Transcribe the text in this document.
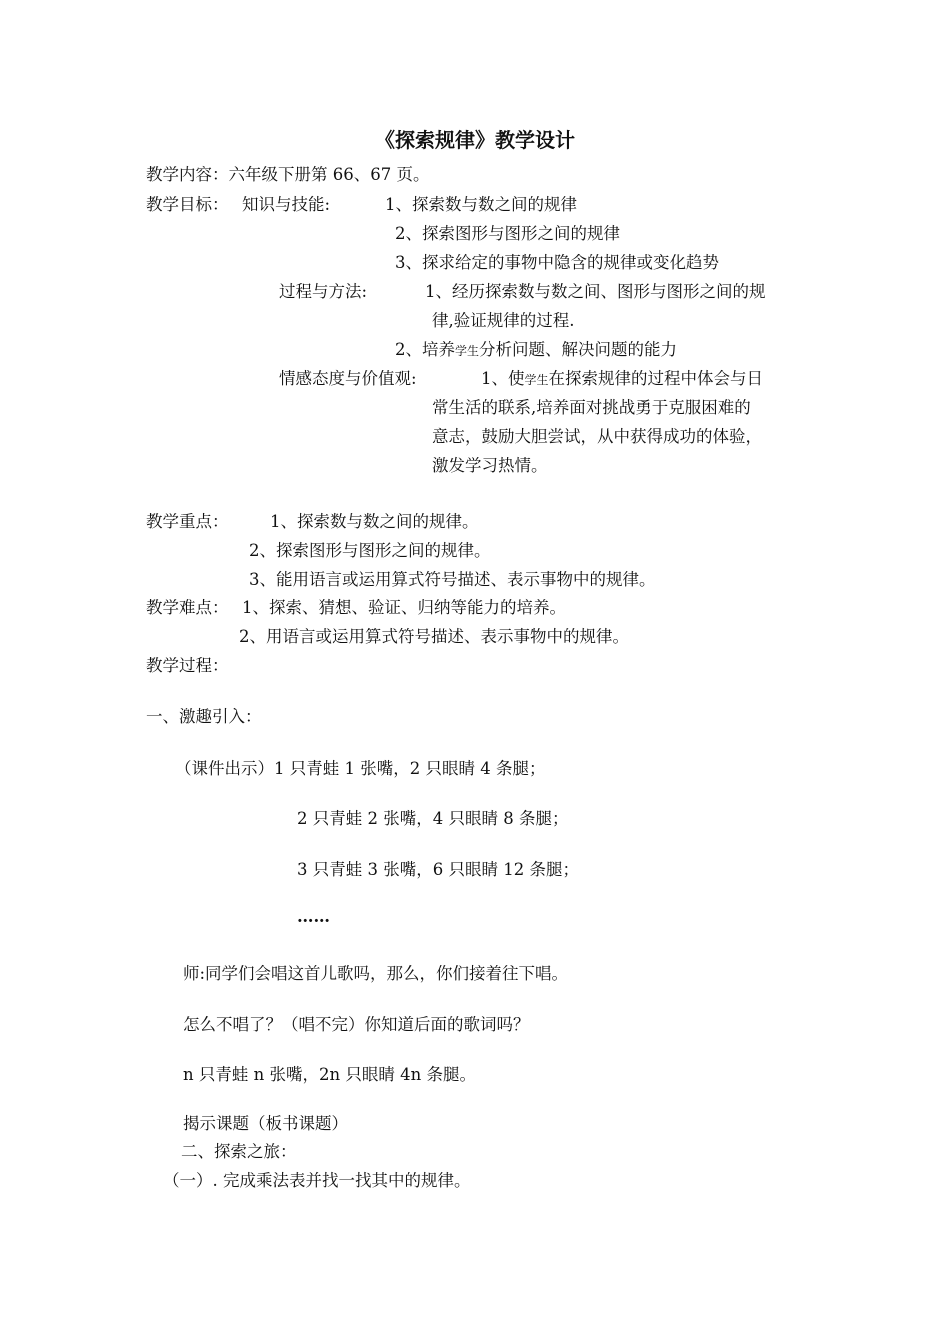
《探索规律》教学设计
教学内容：六年级下册第 66、67 页。
教学目标： 知识与技能:	1、探索数与数之间的规律
2、探索图形与图形之间的规律
3、探求给定的事物中隐含的规律或变化趋势
过程与方法:	1、经历探索数与数之间、图形与图形之间的规
律,验证规律的过程.
2、培养学生分析问题、解决问题的能力
情感态度与价值观:	1、使学生在探索规律的过程中体会与日
常生活的联系,培养面对挑战勇于克服困难的
意志，鼓励大胆尝试，从中获得成功的体验，
激发学习热情。
教学重点：	1、探索数与数之间的规律。
2、探索图形与图形之间的规律。
3、能用语言或运用算式符号描述、表示事物中的规律。
教学难点： 1、探索、猜想、验证、归纳等能力的培养。
2、用语言或运用算式符号描述、表示事物中的规律。
教学过程：
一、激趣引入：
（课件出示）1 只青蛙 1 张嘴，2 只眼睛 4 条腿；
2 只青蛙 2 张嘴，4 只眼睛 8 条腿；
3 只青蛙 3 张嘴，6 只眼睛 12 条腿；
……
师:同学们会唱这首儿歌吗，那么，你们接着往下唱。
怎么不唱了？（唱不完）你知道后面的歌词吗？
n 只青蛙 n 张嘴，2n 只眼睛 4n 条腿。
揭示课题（板书课题）
二、探索之旅：
（一）. 完成乘法表并找一找其中的规律。
